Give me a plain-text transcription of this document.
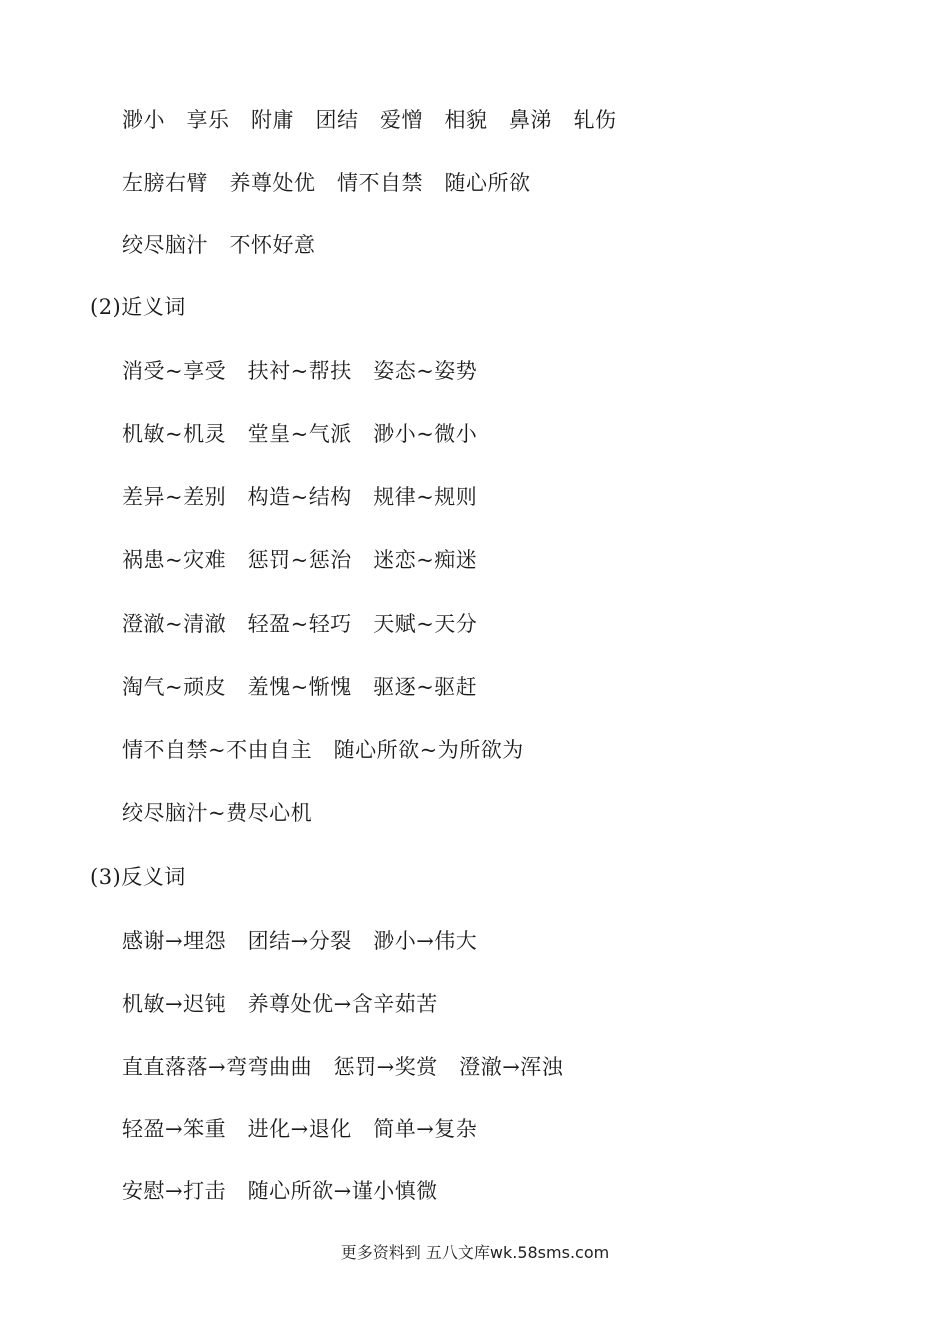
渺小　享乐　附庸　团结　爱憎　相貌　鼻涕　轧伤
左膀右臂　养尊处优　情不自禁　随心所欲
绞尽脑汁　不怀好意
(2)近义词
消受~享受　扶衬~帮扶　姿态~姿势
机敏~机灵　堂皇~气派　渺小~微小
差异~差别　构造~结构　规律~规则
祸患~灾难　惩罚~惩治　迷恋~痴迷
澄澈~清澈　轻盈~轻巧　天赋~天分
淘气~顽皮　羞愧~惭愧　驱逐~驱赶
情不自禁~不由自主　随心所欲~为所欲为
绞尽脑汁~费尽心机
(3)反义词
感谢→埋怨　团结→分裂　渺小→伟大
机敏→迟钝　养尊处优→含辛茹苦
直直落落→弯弯曲曲　惩罚→奖赏　澄澈→浑浊
轻盈→笨重　进化→退化　简单→复杂
安慰→打击　随心所欲→谨小慎微
更多资料到 五八文库wk.58sms.com
